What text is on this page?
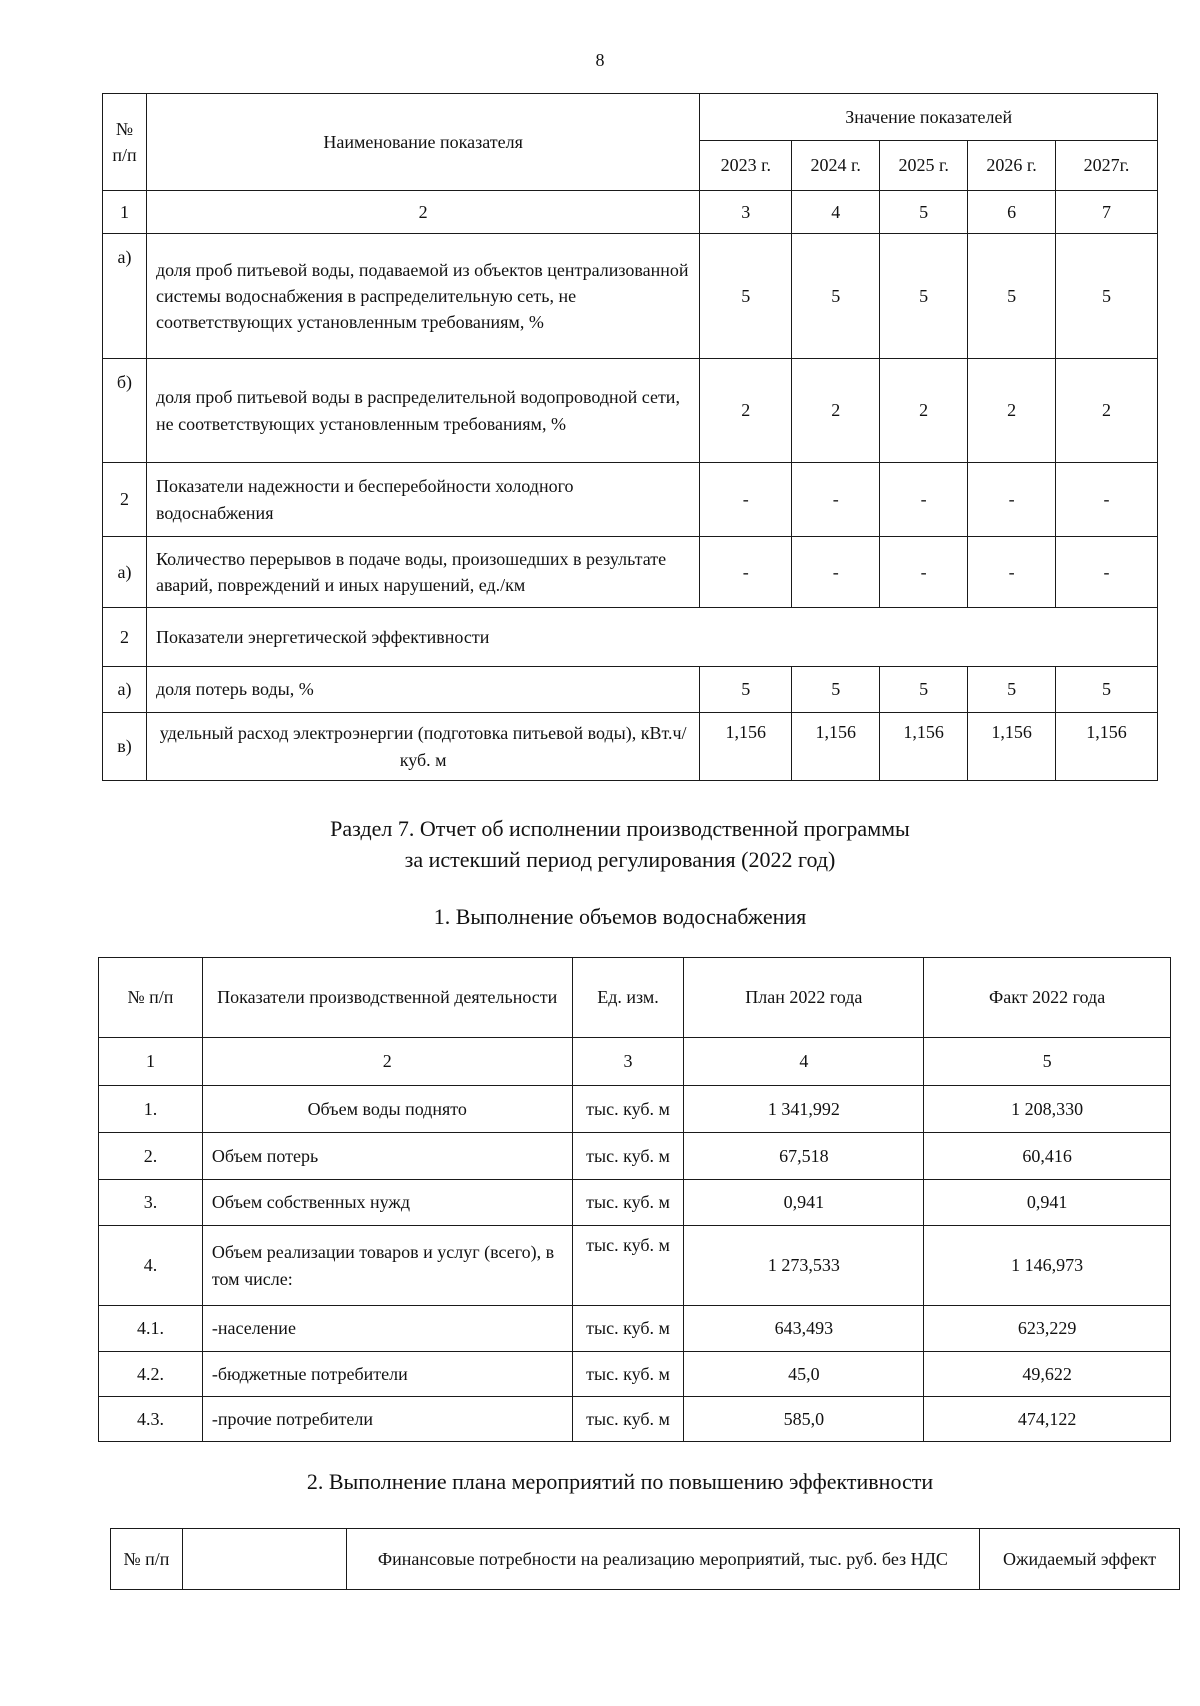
8
№
п/п	Наименование показателя	Значение показателей				
		2023 г.	2024 г.	2025 г.	2026 г.	2027г.
1	2	3	4	5	6	7
а)	доля проб питьевой воды, подаваемой из объектов централизованной системы водоснабжения в распределительную сеть, не соответствующих установленным требованиям, %	5	5	5	5	5
б)	доля проб питьевой воды в распределительной водопроводной сети, не соответствующих установленным требованиям, %	2	2	2	2	2
2	Показатели надежности и бесперебойности холодного водоснабжения	-	-	-	-	-
а)	Количество перерывов в подаче воды, произошедших в результате аварий, повреждений и иных нарушений, ед./км	-	-	-	-	-
2	Показатели энергетической эффективности					
а)	доля потерь воды, %	5	5	5	5	5
в)	удельный расход электроэнергии (подготовка питьевой воды), кВт.ч/куб. м	1,156	1,156	1,156	1,156	1,156
Раздел 7. Отчет об исполнении производственной программы
за истекший период регулирования (2022 год)
1. Выполнение объемов водоснабжения
№ п/п	Показатели производственной деятельности	Ед. изм.	План 2022 года	Факт 2022 года
1	2	3	4	5
1.	Объем воды поднято	тыс. куб. м	1 341,992	1 208,330
2.	Объем потерь	тыс. куб. м	67,518	60,416
3.	Объем собственных нужд	тыс. куб. м	0,941	0,941
4.	Объем реализации товаров и услуг (всего), в том числе:	тыс. куб. м	1 273,533	1 146,973
4.1.	-население	тыс. куб. м	643,493	623,229
4.2.	-бюджетные потребители	тыс. куб. м	45,0	49,622
4.3.	-прочие потребители	тыс. куб. м	585,0	474,122
2. Выполнение плана мероприятий по повышению эффективности
№ п/п		Финансовые потребности на реализацию мероприятий, тыс. руб. без НДС	Ожидаемый эффект
